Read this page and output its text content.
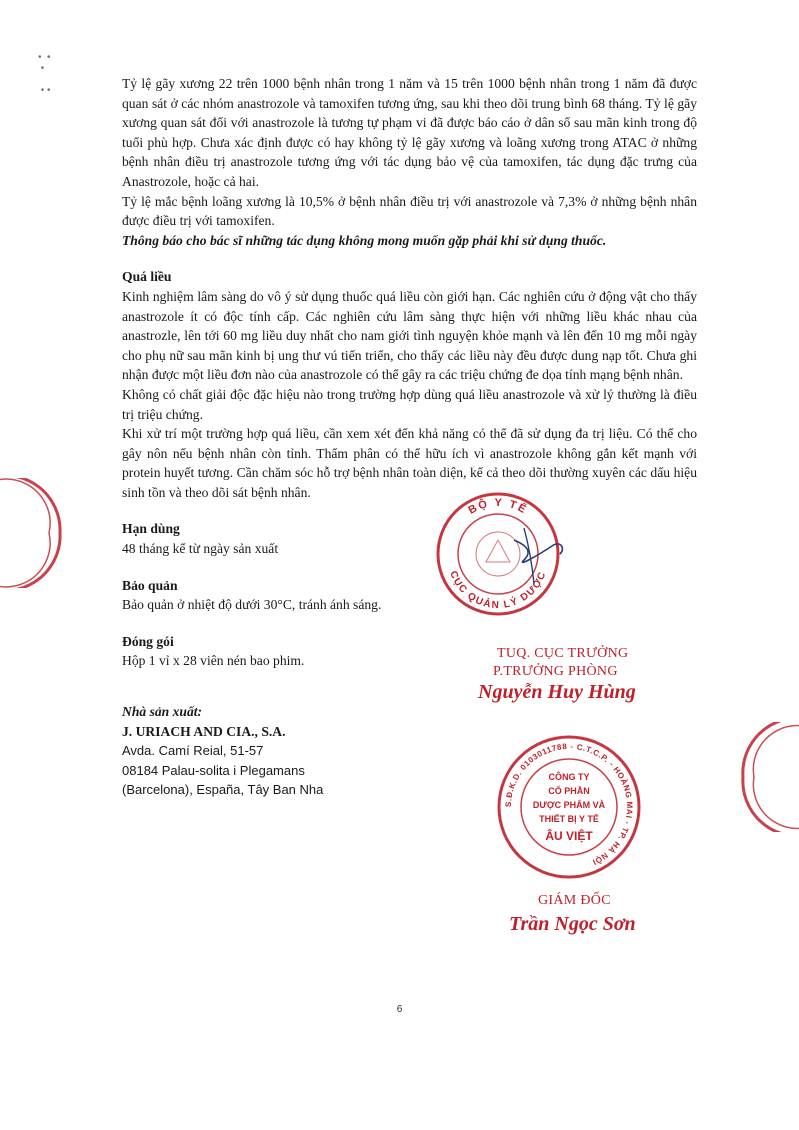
•  •
•

• •	Tỷ lệ gãy xương 22 trên 1000 bệnh nhân trong 1 năm và 15 trên 1000 bệnh nhân trong 1 năm đã được quan sát ở các nhóm anastrozole và tamoxifen tương ứng, sau khi theo dõi trung bình 68 tháng. Tỷ lệ gãy xương quan sát đối với anastrozole là tương tự phạm vi đã được báo cáo ở dân số sau mãn kinh trong độ tuổi phù hợp. Chưa xác định được có hay không tỷ lệ gãy xương và loãng xương trong ATAC ở những bệnh nhân điều trị anastrozole tương ứng với tác dụng bảo vệ của tamoxifen, tác dụng đặc trưng của Anastrozole, hoặc cả hai.

Tỷ lệ mắc bệnh loãng xương là 10,5% ở bệnh nhân điều trị với anastrozole và 7,3% ở những bệnh nhân được điều trị với tamoxifen.

Thông báo cho bác sĩ những tác dụng không mong muốn gặp phải khi sử dụng thuốc.

Quá liều

Kinh nghiệm lâm sàng do vô ý sử dụng thuốc quá liều còn giới hạn. Các nghiên cứu ở động vật cho thấy anastrozole ít có độc tính cấp. Các nghiên cứu lâm sàng thực hiện với những liều khác nhau của anastrozle, lên tới 60 mg liều duy nhất cho nam giới tình nguyện khỏe mạnh và lên đến 10 mg mỗi ngày cho phụ nữ sau mãn kinh bị ung thư vú tiến triển, cho thấy các liều này đều được dung nạp tốt. Chưa ghi nhận được một liều đơn nào của anastrozole có thể gây ra các triệu chứng đe dọa tính mạng bệnh nhân.

Không có chất giải độc đặc hiệu nào trong trường hợp dùng quá liều anastrozole và xử lý thường là điều trị triệu chứng.

Khi xử trí một trường hợp quá liều, cần xem xét đến khả năng có thể đã sử dụng đa trị liệu. Có thể cho gây nôn nếu bệnh nhân còn tỉnh. Thẩm phân có thể hữu ích vì anastrozole không gắn kết mạnh với protein huyết tương. Cần chăm sóc hỗ trợ bệnh nhân toàn diện, kể cả theo dõi thường xuyên các dấu hiệu sinh tồn và theo dõi sát bệnh nhân.

Hạn dùng

48 tháng kể từ ngày sản xuất

Bảo quản

Bảo quản ở nhiệt độ dưới 30°C, tránh ánh sáng.

Đóng gói

Hộp 1 vỉ x 28 viên nén bao phim.

Nhà sản xuất:

J. URIACH AND CIA., S.A.

Avda. Camí Reial, 51-57

08184 Palau-solita i Plegamans

(Barcelona), España, Tây Ban Nha

BỘ Y TẾ
CỤC QUẢN LÝ DƯỢC
TUQ. CỤC TRƯỞNG
P.TRƯỞNG PHÒNG
Nguyễn Huy Hùng
S.Đ.K.D. 0103011788 - C.T.C.P. - HOÀNG MAI - TP. HÀ NỘI
CÔNG TY
CỔ PHẦN
DƯỢC PHẨM VÀ
THIẾT BỊ Y TẾ
ÂU VIỆT
GIÁM ĐỐC
Trần Ngọc Sơn
6
